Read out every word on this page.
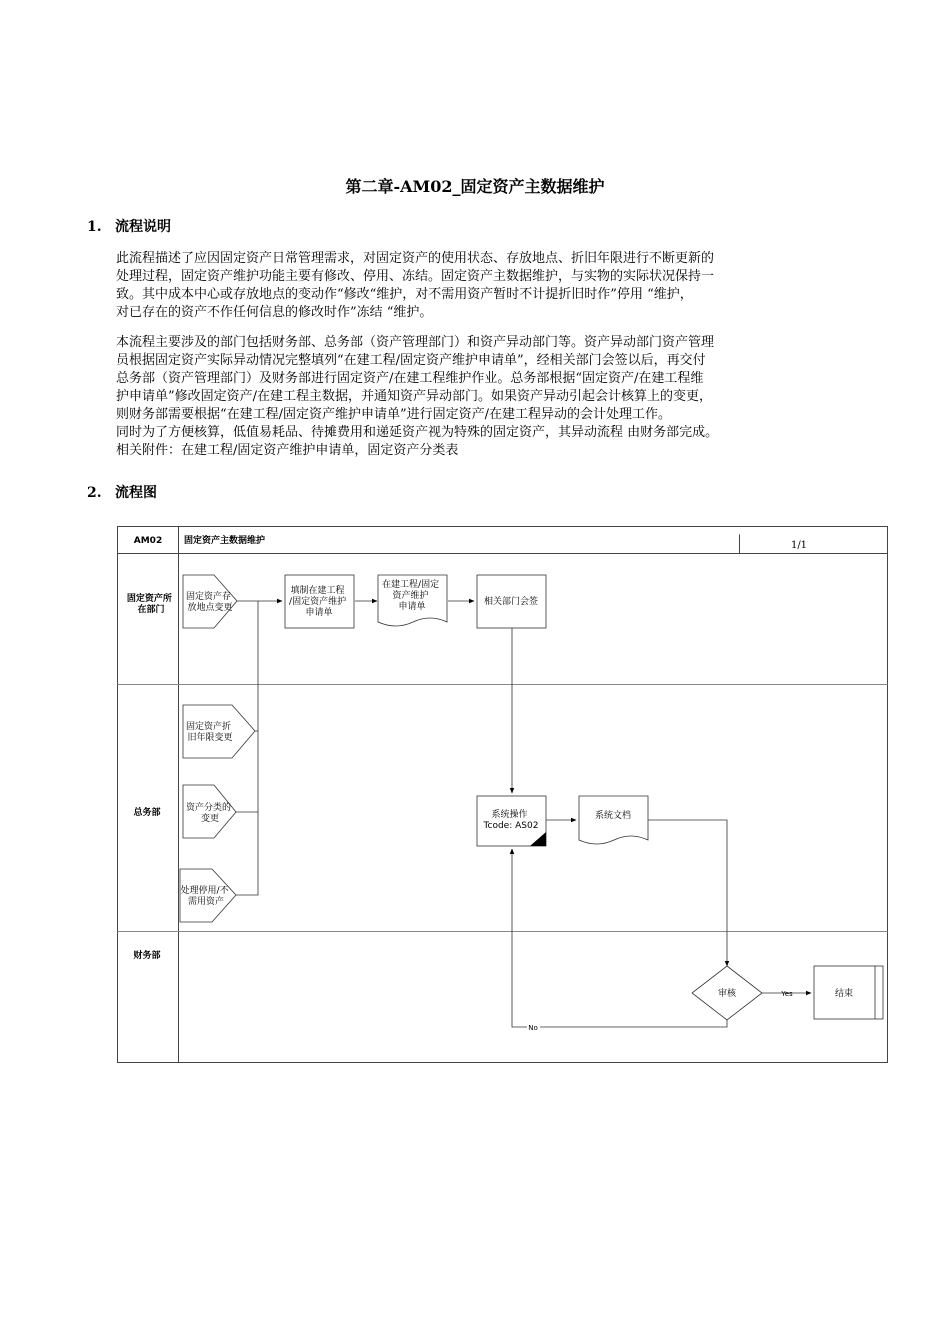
第二章-AM02_固定资产主数据维护
1. 流程说明

此流程描述了应因固定资产日常管理需求，对固定资产的使用状态、存放地点、折旧年限进行不断更新的
处理过程，固定资产维护功能主要有修改、停用、冻结。固定资产主数据维护，与实物的实际状况保持一
致。其中成本中心或存放地点的变动作“修改“维护，对不需用资产暂时不计提折旧时作”停用 “维护，
对已存在的资产不作任何信息的修改时作”冻结 “维护。

本流程主要涉及的部门包括财务部、总务部（资产管理部门）和资产异动部门等。资产异动部门资产管理
员根据固定资产实际异动情况完整填列“在建工程/固定资产维护申请单”，经相关部门会签以后，再交付
总务部（资产管理部门）及财务部进行固定资产/在建工程维护作业。总务部根据“固定资产/在建工程维
护申请单”修改固定资产/在建工程主数据，并通知资产异动部门。如果资产异动引起会计核算上的变更，
则财务部需要根据“在建工程/固定资产维护申请单”进行固定资产/在建工程异动的会计处理工作。
同时为了方便核算，低值易耗品、待摊费用和递延资产视为特殊的固定资产，其异动流程 由财务部完成。
相关附件：在建工程/固定资产维护申请单，固定资产分类表

2. 流程图
AM02 固定资产主数据维护	1/1
固定资产所 在部门
总务部
财务部
Yes
No
固定资产存 放地点变更
填制在建工程 /固定资产维护 申请单
在建工程/固定 资产维护 申请单	相关部门会签
固定资产折 旧年限变更
资产分类的 变更
处理停用/不 需用资产
系统操作 Tcode: AS02
系统文档
审核	结束
